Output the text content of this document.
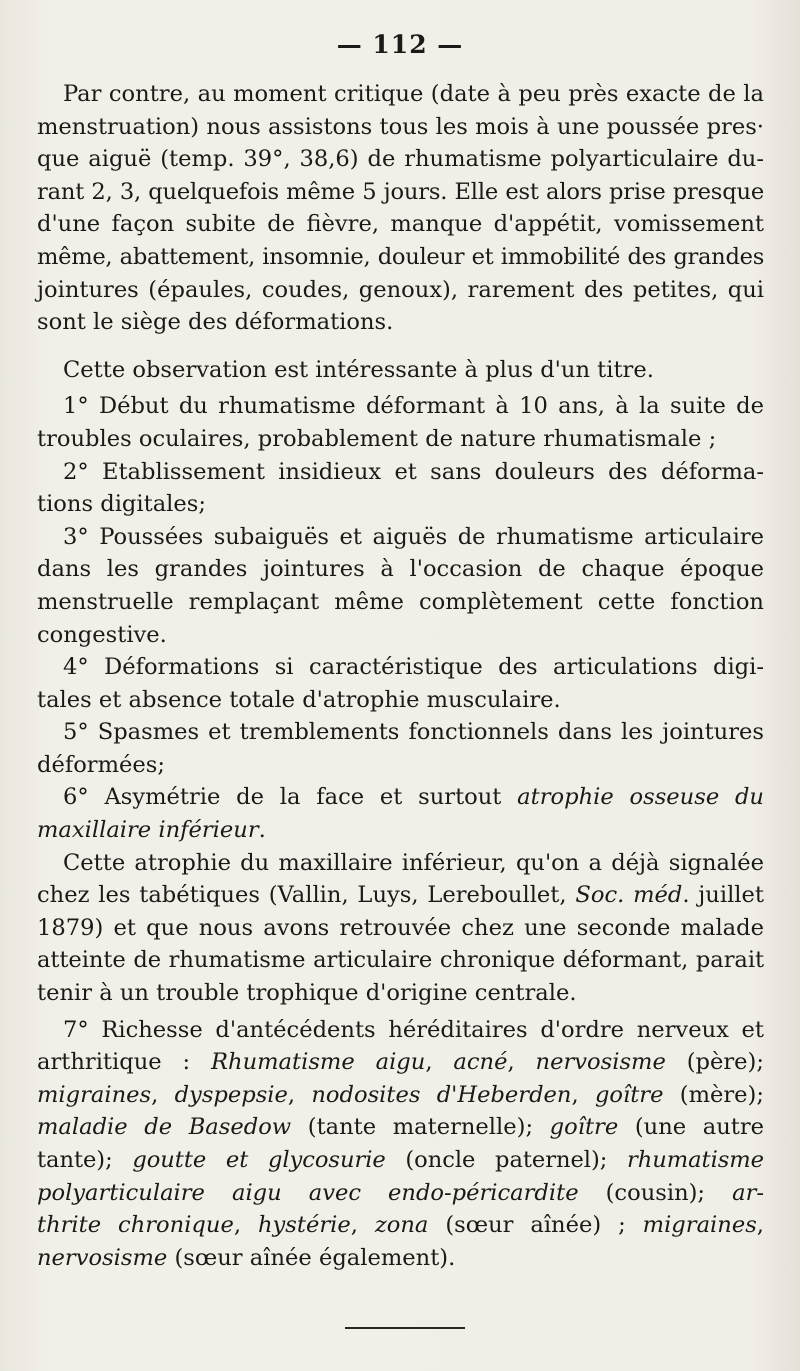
— 112 —
Par contre, au moment critique (date à peu près exacte de la
menstruation) nous assistons tous les mois à une poussée pres·
que aiguë (temp. 39°, 38,6) de rhumatisme polyarticulaire du-
rant 2, 3, quelquefois même 5 jours. Elle est alors prise presque
d'une façon subite de fièvre, manque d'appétit, vomissement
même, abattement, insomnie, douleur et immobilité des grandes
jointures (épaules, coudes, genoux), rarement des petites, qui
sont le siège des déformations.
Cette observation est intéressante à plus d'un titre.
1° Début du rhumatisme déformant à 10 ans, à la suite de
troubles oculaires, probablement de nature rhumatismale ;
2° Etablissement insidieux et sans douleurs des déforma-
tions digitales;
3° Poussées subaiguës et aiguës de rhumatisme articulaire
dans les grandes jointures à l'occasion de chaque époque
menstruelle remplaçant même complètement cette fonction
congestive.
4° Déformations si caractéristique des articulations digi-
tales et absence totale d'atrophie musculaire.
5° Spasmes et tremblements fonctionnels dans les jointures
déformées;
6° Asymétrie de la face et surtout atrophie osseuse du
maxillaire inférieur.
Cette atrophie du maxillaire inférieur, qu'on a déjà signalée
chez les tabétiques (Vallin, Luys, Lereboullet, Soc. méd. juillet
1879) et que nous avons retrouvée chez une seconde malade
atteinte de rhumatisme articulaire chronique déformant, parait
tenir à un trouble trophique d'origine centrale.
7° Richesse d'antécédents héréditaires d'ordre nerveux et
arthritique : Rhumatisme aigu, acné, nervosisme (père);
migraines, dyspepsie, nodosites d'Heberden, goître (mère);
maladie de Basedow (tante maternelle); goître (une autre
tante); goutte et glycosurie (oncle paternel); rhumatisme
polyarticulaire aigu avec endo-péricardite (cousin); ar-
thrite chronique, hystérie, zona (sœur aînée) ; migraines,
nervosisme (sœur aînée également).
